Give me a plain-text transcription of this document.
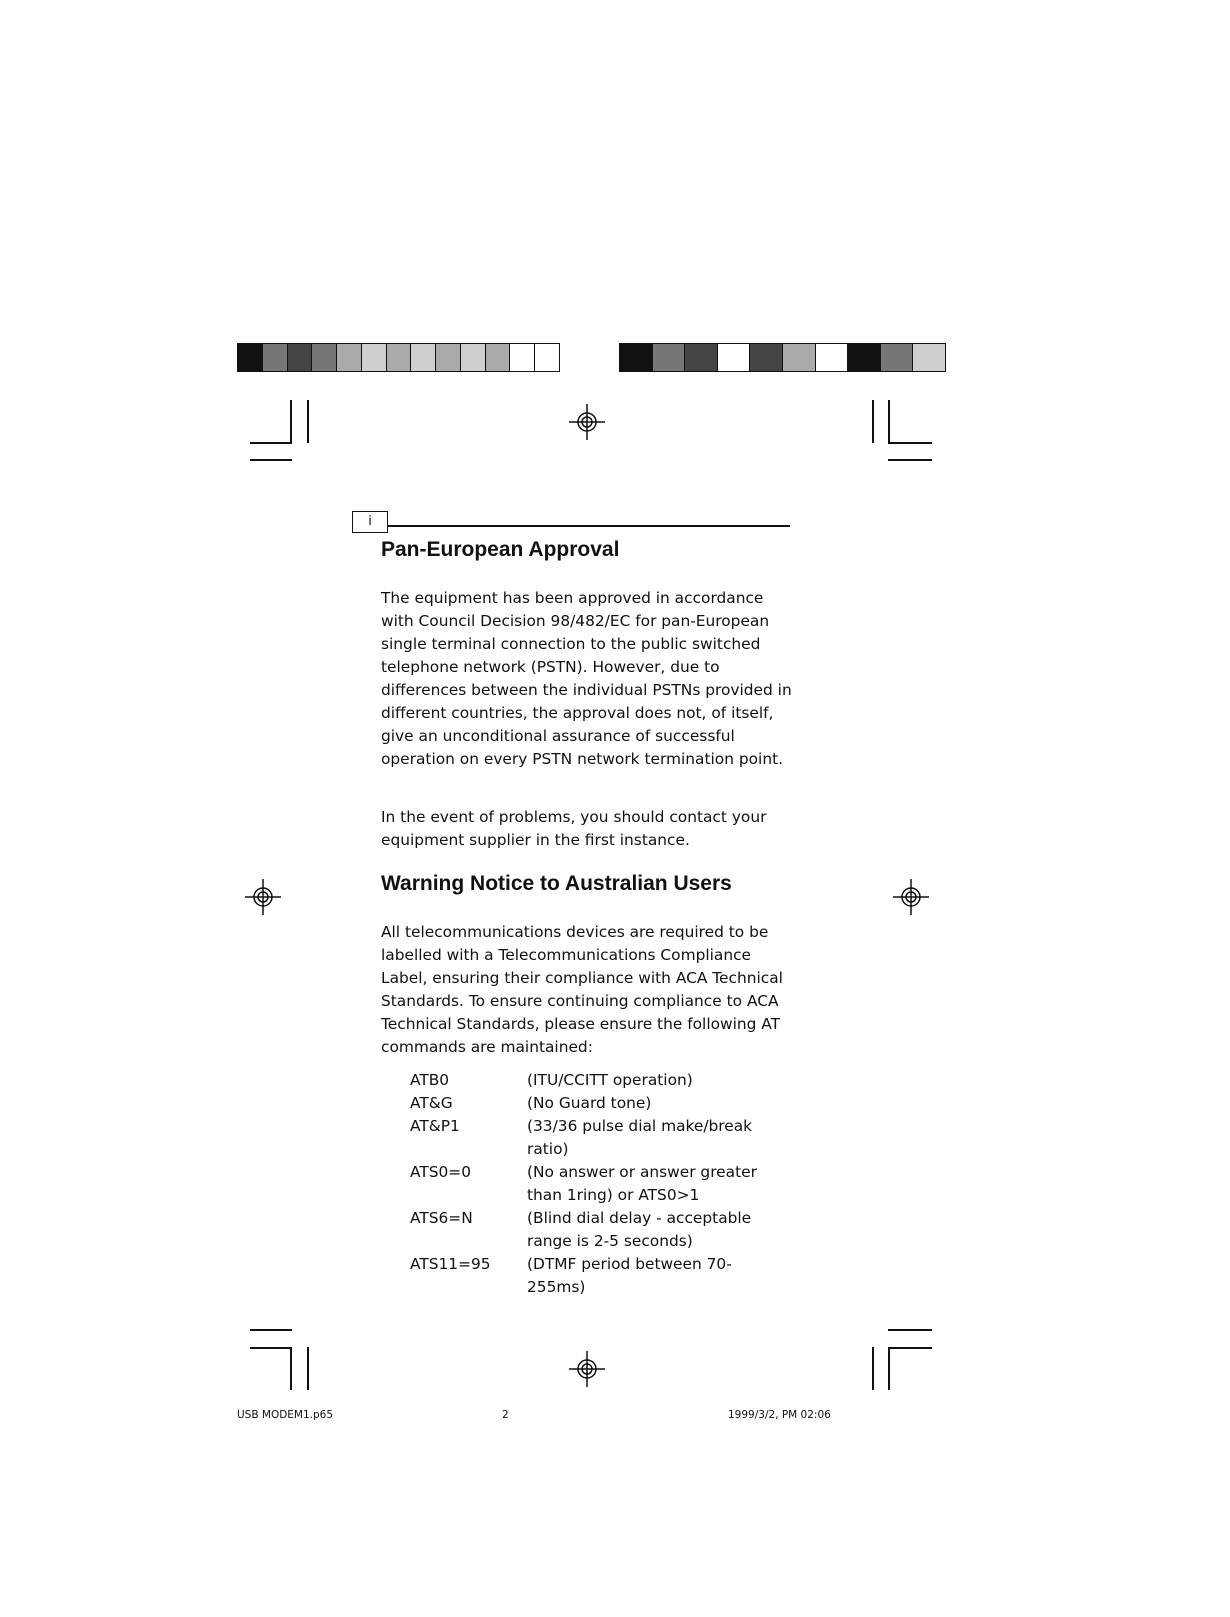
i
Pan-European Approval

The equipment has been approved in accordance with Council Decision 98/482/EC for pan-European single terminal connection to the public switched telephone network (PSTN). However, due to differences between the individual PSTNs provided in different countries, the approval does not, of itself, give an unconditional assurance of successful operation on every PSTN network termination point.

In the event of problems, you should contact your equipment supplier in the first instance.

Warning Notice to Australian Users

All telecommunications devices are required to be labelled with a Telecommunications Compliance Label, ensuring their compliance with ACA Technical Standards. To ensure continuing compliance to ACA Technical Standards, please ensure the following AT commands are maintained:

ATB0	(ITU/CCITT operation)
AT&G	(No Guard tone)
AT&P1	(33/36 pulse dial make/break ratio)
ATS0=0	(No answer or answer greater than 1ring) or ATS0>1
ATS6=N	(Blind dial delay - acceptable range is 2-5 seconds)
ATS11=95	(DTMF period between 70-255ms)
USB MODEM1.p65	2	1999/3/2, PM 02:06
